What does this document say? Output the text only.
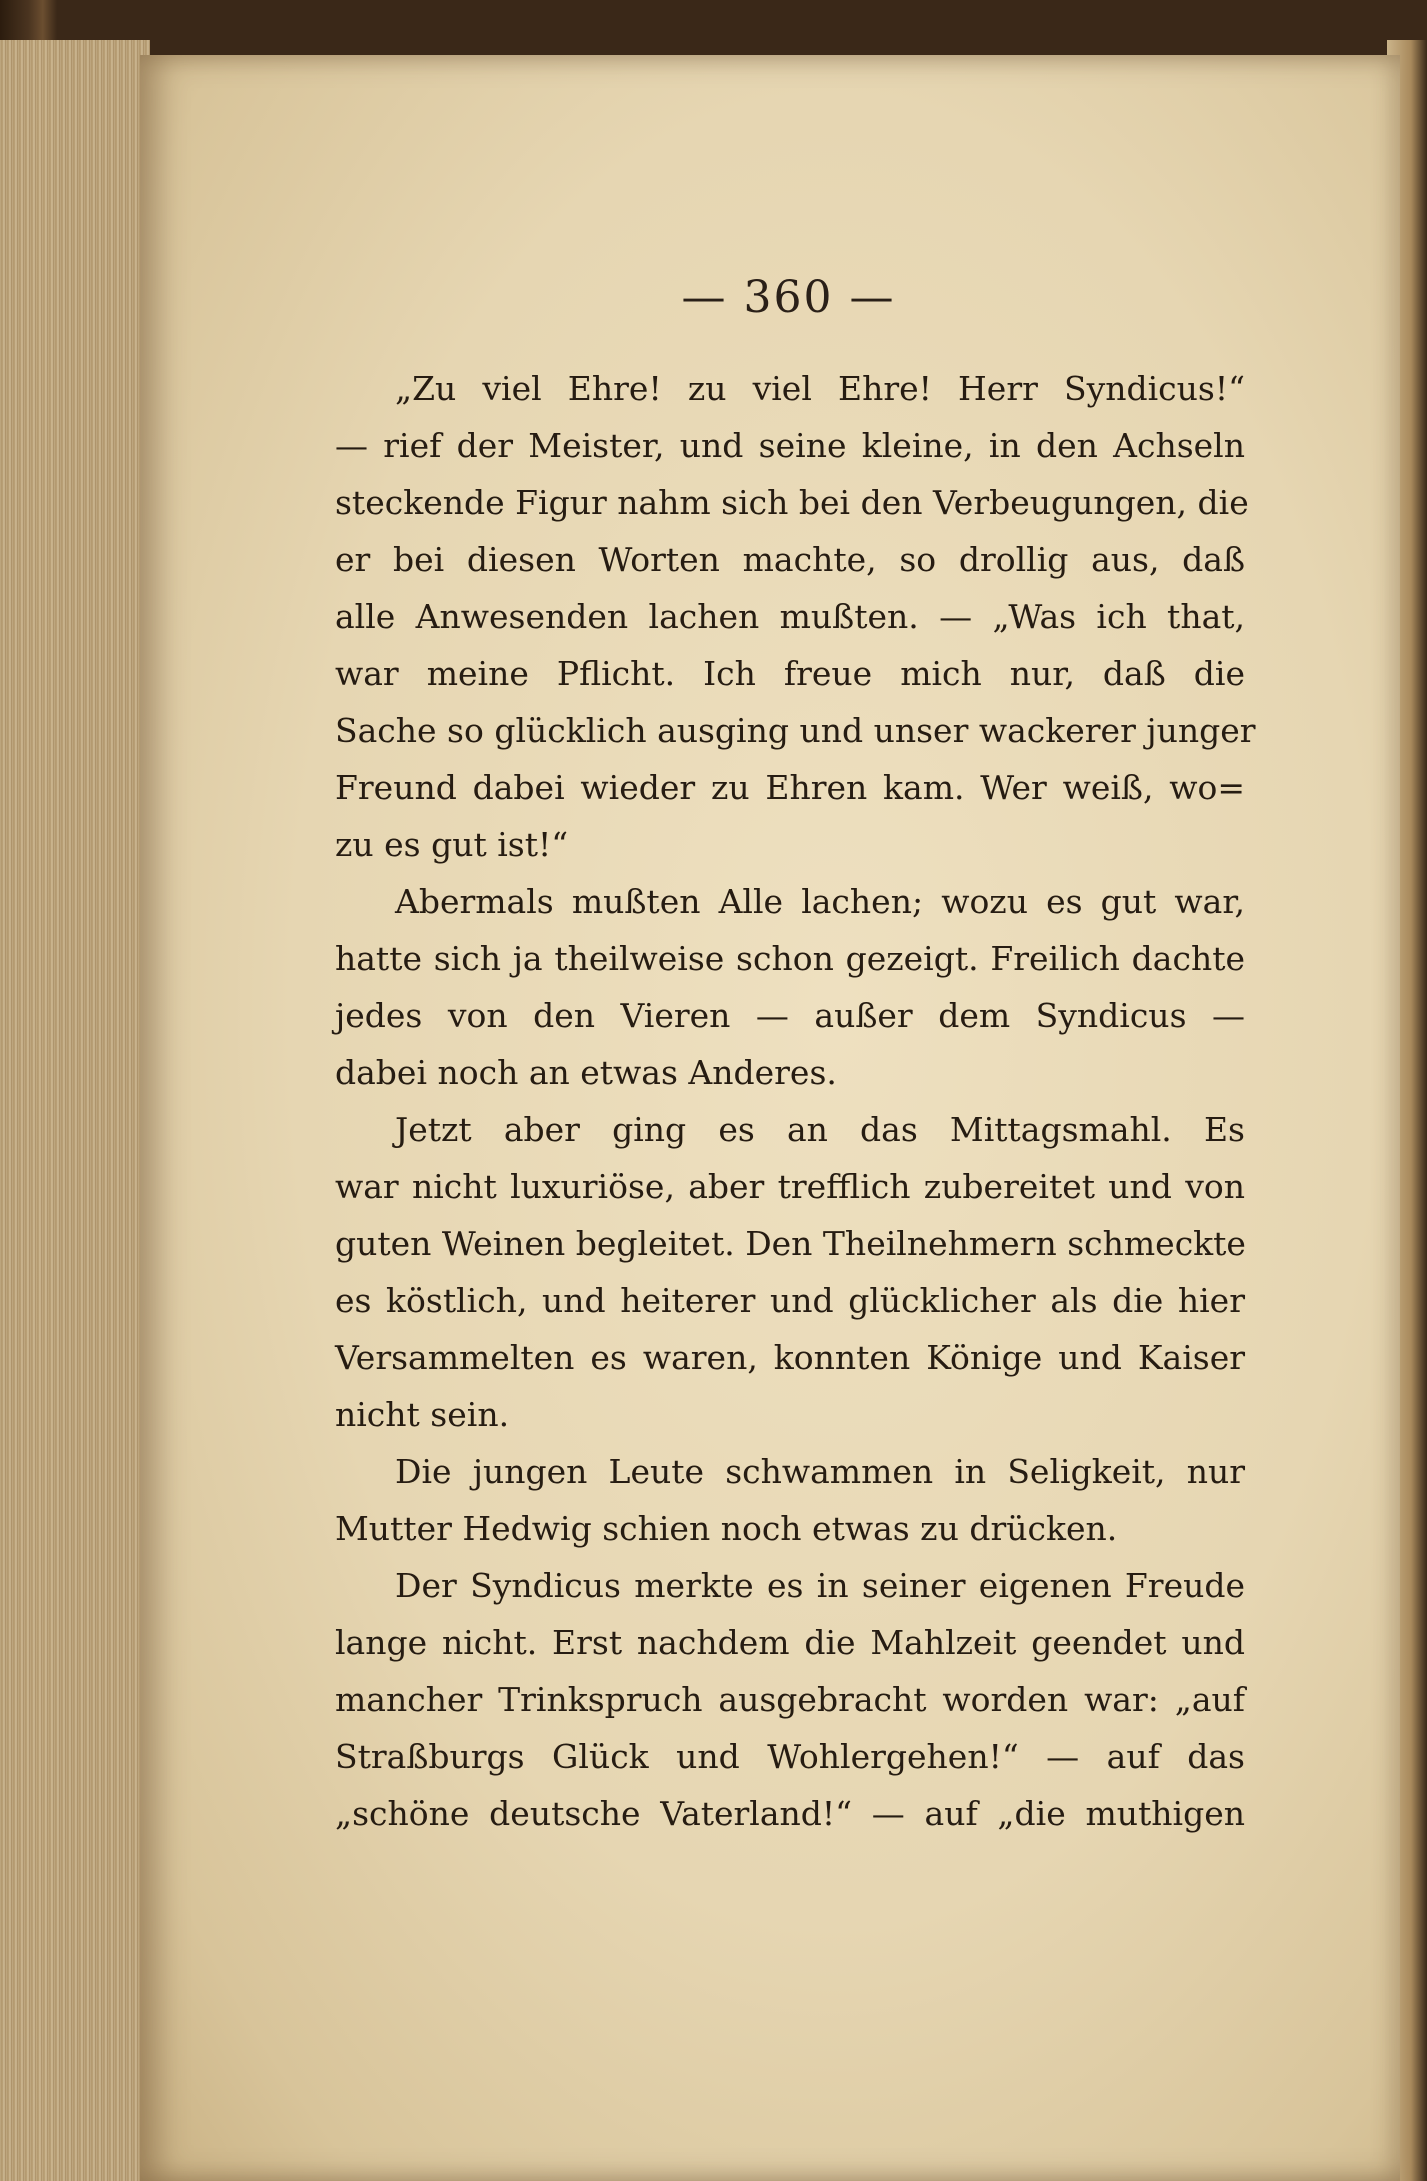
— 360 —
„Zu viel Ehre! zu viel Ehre! Herr Syndicus!“
— rief der Meister, und seine kleine, in den Achseln
steckende Figur nahm sich bei den Verbeugungen, die
er bei diesen Worten machte, so drollig aus, daß
alle Anwesenden lachen mußten. — „Was ich that,
war meine Pflicht. Ich freue mich nur, daß die
Sache so glücklich ausging und unser wackerer junger
Freund dabei wieder zu Ehren kam. Wer weiß, wo=
zu es gut ist!“
Abermals mußten Alle lachen; wozu es gut war,
hatte sich ja theilweise schon gezeigt. Freilich dachte
jedes von den Vieren — außer dem Syndicus —
dabei noch an etwas Anderes.
Jetzt aber ging es an das Mittagsmahl. Es
war nicht luxuriöse, aber trefflich zubereitet und von
guten Weinen begleitet. Den Theilnehmern schmeckte
es köstlich, und heiterer und glücklicher als die hier
Versammelten es waren, konnten Könige und Kaiser
nicht sein.
Die jungen Leute schwammen in Seligkeit, nur
Mutter Hedwig schien noch etwas zu drücken.
Der Syndicus merkte es in seiner eigenen Freude
lange nicht. Erst nachdem die Mahlzeit geendet und
mancher Trinkspruch ausgebracht worden war: „auf
Straßburgs Glück und Wohlergehen!“ — auf das
„schöne deutsche Vaterland!“ — auf „die muthigen
